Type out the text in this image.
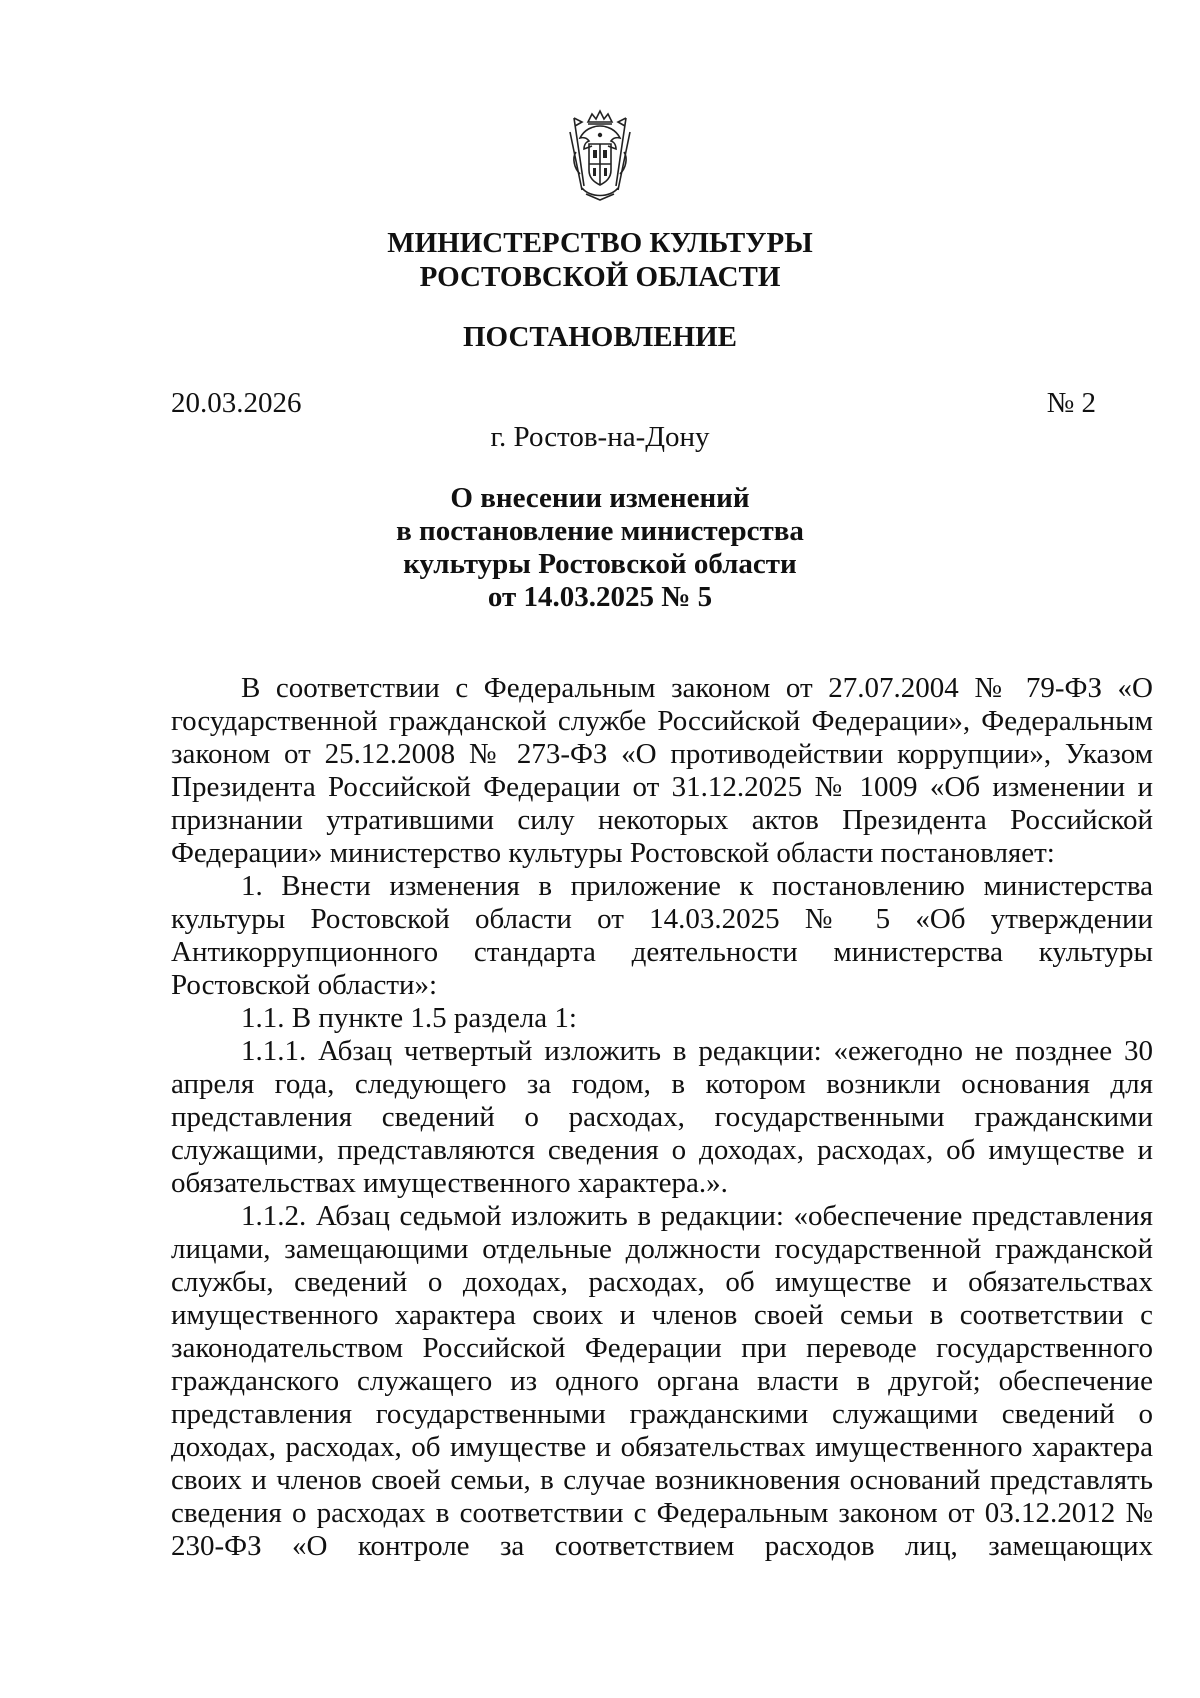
МИНИСТЕРСТВО КУЛЬТУРЫ
РОСТОВСКОЙ ОБЛАСТИ
ПОСТАНОВЛЕНИЕ
20.03.2026	№ 2
г. Ростов-на-Дону
О внесении изменений
в постановление министерства
культуры Ростовской области
от 14.03.2025 № 5

В соответствии с Федеральным законом от 27.07.2004 № 79-ФЗ «О государственной гражданской службе Российской Федерации», Федеральным законом от 25.12.2008 № 273-ФЗ «О противодействии коррупции», Указом Президента Российской Федерации от 31.12.2025 № 1009 «Об изменении и признании утратившими силу некоторых актов Президента Российской Федерации» министерство культуры Ростовской области постановляет:

1. Внести изменения в приложение к постановлению министерства культуры Ростовской области от 14.03.2025 № 5 «Об утверждении Антикоррупционного стандарта деятельности министерства культуры Ростовской области»:

1.1. В пункте 1.5 раздела 1:

1.1.1. Абзац четвертый изложить в редакции: «ежегодно не позднее 30 апреля года, следующего за годом, в котором возникли основания для представления сведений о расходах, государственными гражданскими служащими, представляются сведения о доходах, расходах, об имуществе и обязательствах имущественного характера.».

1.1.2. Абзац седьмой изложить в редакции: «обеспечение представления лицами, замещающими отдельные должности государственной гражданской службы, сведений о доходах, расходах, об имуществе и обязательствах имущественного характера своих и членов своей семьи в соответствии с законодательством Российской Федерации при переводе государственного гражданского служащего из одного органа власти в другой; обеспечение представления государственными гражданскими служащими сведений о доходах, расходах, об имуществе и обязательствах имущественного характера своих и членов своей семьи, в случае возникновения оснований представлять сведения о расходах в соответствии с Федеральным законом от 03.12.2012 № 230-ФЗ «О контроле за соответствием расходов лиц, замещающих
